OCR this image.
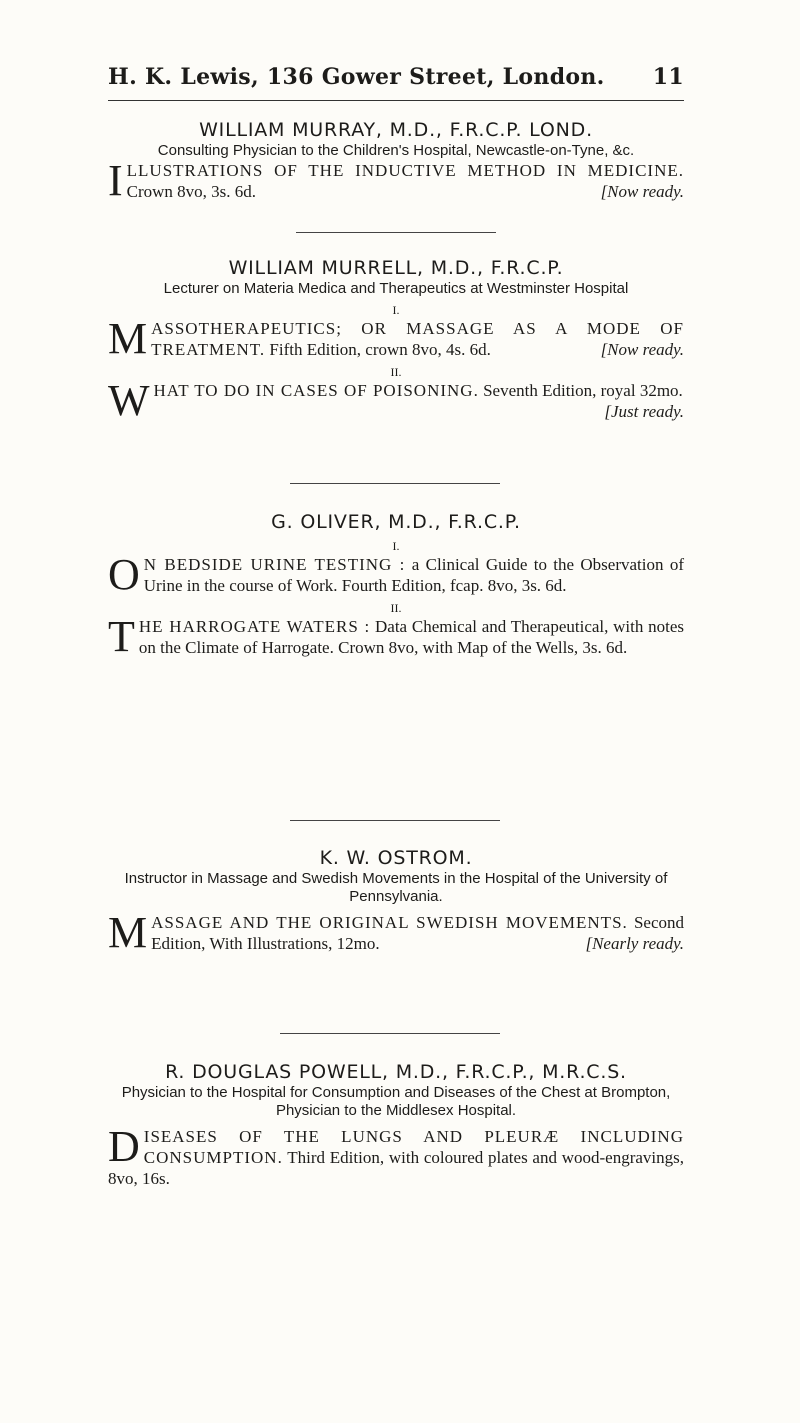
H. K. Lewis, 136 Gower Street, London. 11

WILLIAM MURRAY, M.D., F.R.C.P. LOND.

Consulting Physician to the Children's Hospital, Newcastle-on-Tyne, &c.

ILLUSTRATIONS OF THE INDUCTIVE METHOD IN MEDICINE. Crown 8vo, 3s. 6d.	[Now ready.

WILLIAM MURRELL, M.D., F.R.C.P.

Lecturer on Materia Medica and Therapeutics at Westminster Hospital

I.

MASSOTHERAPEUTICS; OR MASSAGE AS A MODE OF TREATMENT. Fifth Edition, crown 8vo, 4s. 6d.	[Now ready.

II.

WHAT TO DO IN CASES OF POISONING. Seventh Edition, royal 32mo.
[Just ready.

G. OLIVER, M.D., F.R.C.P.

I.

O N BEDSIDE URINE TESTING : a Clinical Guide to the Observation of Urine in the course of Work. Fourth Edition, fcap. 8vo, 3s. 6d.

II.

THE HARROGATE WATERS : Data Chemical and Therapeutical, with notes on the Climate of Harrogate. Crown 8vo, with Map of the Wells, 3s. 6d.

K. W. OSTROM.

Instructor in Massage and Swedish Movements in the Hospital of the University of Pennsylvania.

MASSAGE AND THE ORIGINAL SWEDISH MOVEMENTS. Second Edition, With Illustrations, 12mo.	[Nearly ready.

R. DOUGLAS POWELL, M.D., F.R.C.P., M.R.C.S.

Physician to the Hospital for Consumption and Diseases of the Chest at Brompton, Physician to the Middlesex Hospital.

DISEASES OF THE LUNGS AND PLEURÆ INCLUDING CONSUMPTION. Third Edition, with coloured plates and wood-engravings, 8vo, 16s.
